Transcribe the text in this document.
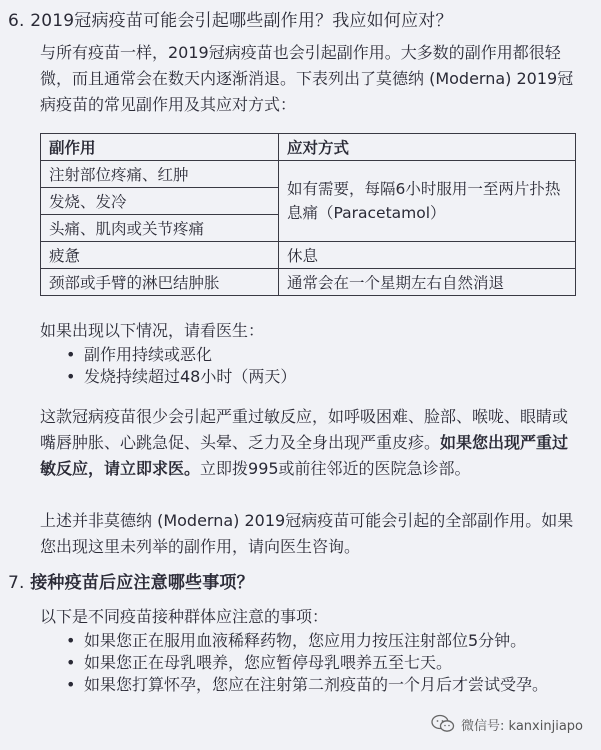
6. 2019冠病疫苗可能会引起哪些副作用？我应如何应对？

与所有疫苗一样，2019冠病疫苗也会引起副作用。大多数的副作用都很轻微，而且通常会在数天内逐渐消退。下表列出了莫德纳 (Moderna) 2019冠病疫苗的常见副作用及其应对方式：

副作用	应对方式
注射部位疼痛、红肿	如有需要，每隔6小时服用一至两片扑热息痛（Paracetamol）
发烧、发冷	
头痛、肌肉或关节疼痛	
疲惫	休息
颈部或手臂的淋巴结肿胀	通常会在一个星期左右自然消退

如果出现以下情况，请看医生：

• 副作用持续或恶化
• 发烧持续超过48小时（两天）

这款冠病疫苗很少会引起严重过敏反应，如呼吸困难、脸部、喉咙、眼睛或嘴唇肿胀、心跳急促、头晕、乏力及全身出现严重皮疹。如果您出现严重过敏反应，请立即求医。立即拨995或前往邻近的医院急诊部。

上述并非莫德纳 (Moderna) 2019冠病疫苗可能会引起的全部副作用。如果您出现这里未列举的副作用，请向医生咨询。

7. 接种疫苗后应注意哪些事项？

以下是不同疫苗接种群体应注意的事项：

• 如果您正在服用血液稀释药物，您应用力按压注射部位5分钟。
• 如果您正在母乳喂养，您应暂停母乳喂养五至七天。
• 如果您打算怀孕，您应在注射第二剂疫苗的一个月后才尝试受孕。
微信号: kanxinjiapo
